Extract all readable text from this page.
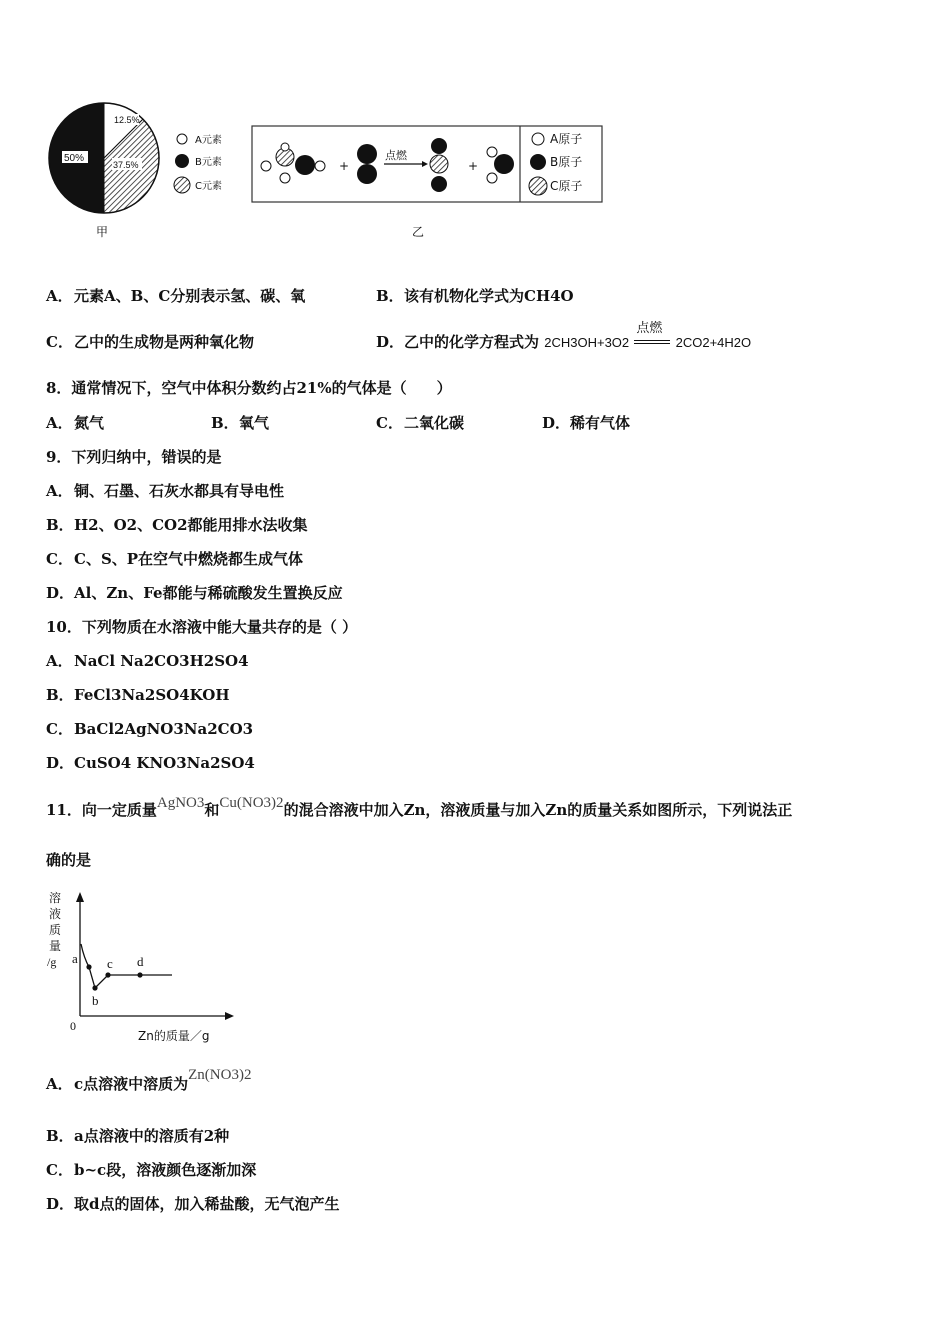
12.5%
50%
37.5%
A元素
B元素
C元素
甲
+
点燃
+
A原子
B原子
C原子
乙
A．元素A、B、C分别表示氢、碳、氧	B．该有机物化学式为CH4O
C．乙中的生成物是两种氧化物	D．乙中的化学方程式为 2CH3OH+3O2
点燃
2CO2+4H2O
8．通常情况下，空气中体积分数约占21%的气体是（　　）
A．氮气	B．氧气	C．二氧化碳	D．稀有气体
9．下列归纳中，错误的是
A．铜、石墨、石灰水都具有导电性
B．H2、O2、CO2都能用排水法收集
C．C、S、P在空气中燃烧都生成气体
D．Al、Zn、Fe都能与稀硫酸发生置换反应
10．下列物质在水溶液中能大量共存的是（ ）
A．NaCl Na2CO3H2SO4
B．FeCl3Na2SO4KOH
C．BaCl2AgNO3Na2CO3
D．CuSO4 KNO3Na2SO4
11．向一定质量AgNO3和Cu(NO3)2的混合溶液中加入Zn，溶液质量与加入Zn的质量关系如图所示，下列说法正
确的是
a
b
c d
溶
液
质
量
/g
0
Zn的质量／g
A．c点溶液中溶质为Zn(NO3)2
B．a点溶液中的溶质有2种
C．b~c段，溶液颜色逐渐加深
D．取d点的固体，加入稀盐酸，无气泡产生
